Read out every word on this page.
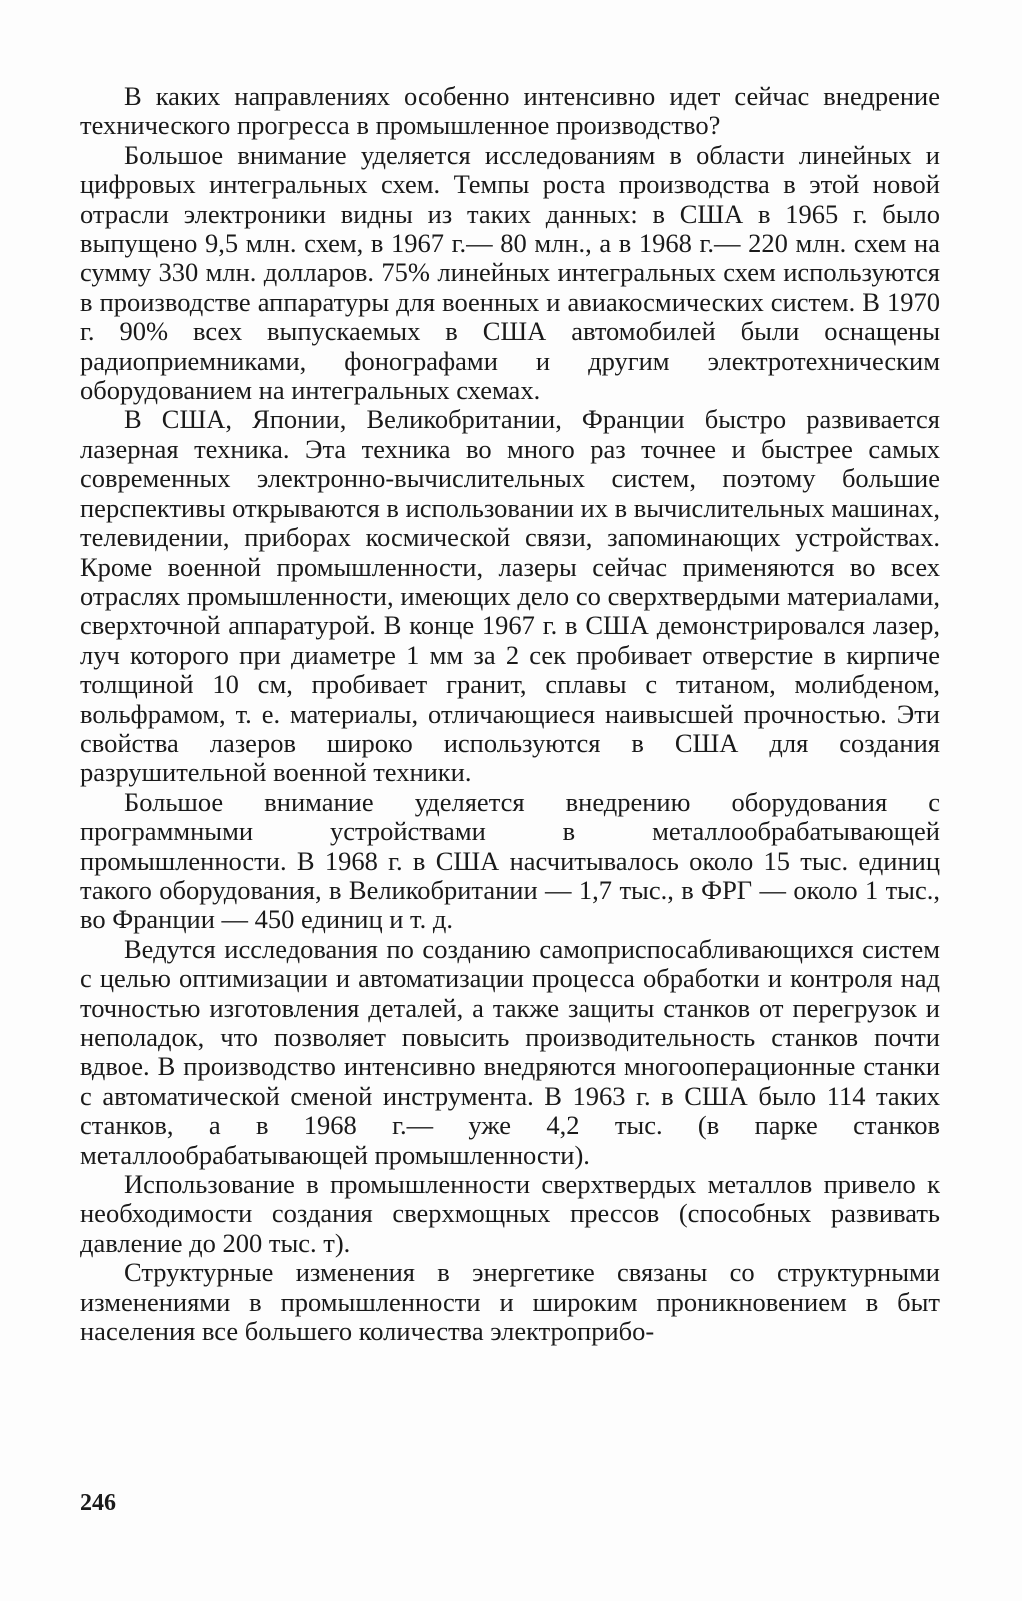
В каких направлениях особенно интенсивно идет сейчас внедрение технического прогресса в промышленное производство?

Большое внимание уделяется исследованиям в области линейных и цифровых интегральных схем. Темпы роста производства в этой новой отрасли электроники видны из таких данных: в США в 1965 г. было выпущено 9,5 млн. схем, в 1967 г.— 80 млн., а в 1968 г.— 220 млн. схем на сумму 330 млн. долларов. 75% линейных интегральных схем используются в производстве аппаратуры для военных и авиакосмических систем. В 1970 г. 90% всех выпускаемых в США автомобилей были оснащены радиоприемниками, фонографами и другим электротехническим оборудованием на интегральных схемах.

В США, Японии, Великобритании, Франции быстро развивается лазерная техника. Эта техника во много раз точнее и быстрее самых современных электронно-вычислительных систем, поэтому большие перспективы открываются в использовании их в вычислительных машинах, телевидении, приборах космической связи, запоминающих устройствах. Кроме военной промышленности, лазеры сейчас применяются во всех отраслях промышленности, имеющих дело со сверхтвердыми материалами, сверхточной аппаратурой. В конце 1967 г. в США демонстрировался лазер, луч которого при диаметре 1 мм за 2 сек пробивает отверстие в кирпиче толщиной 10 см, пробивает гранит, сплавы с титаном, молибденом, вольфрамом, т. е. материалы, отличающиеся наивысшей прочностью. Эти свойства лазеров широко используются в США для создания разрушительной военной техники.

Большое внимание уделяется внедрению оборудования с программными устройствами в металлообрабатывающей промышленности. В 1968 г. в США насчитывалось около 15 тыс. единиц такого оборудования, в Великобритании — 1,7 тыс., в ФРГ — около 1 тыс., во Франции — 450 единиц и т. д.

Ведутся исследования по созданию самоприспосабливающихся систем с целью оптимизации и автоматизации процесса обработки и контроля над точностью изготовления деталей, а также защиты станков от перегрузок и неполадок, что позволяет повысить производительность станков почти вдвое. В производство интенсивно внедряются многооперационные станки с автоматической сменой инструмента. В 1963 г. в США было 114 таких станков, а в 1968 г.— уже 4,2 тыс. (в парке станков металлообрабатывающей промышленности).

Использование в промышленности сверхтвердых металлов привело к необходимости создания сверхмощных прессов (способных развивать давление до 200 тыс. т).

Структурные изменения в энергетике связаны со структурными изменениями в промышленности и широким проникновением в быт населения все большего количества электроприбо-

246
